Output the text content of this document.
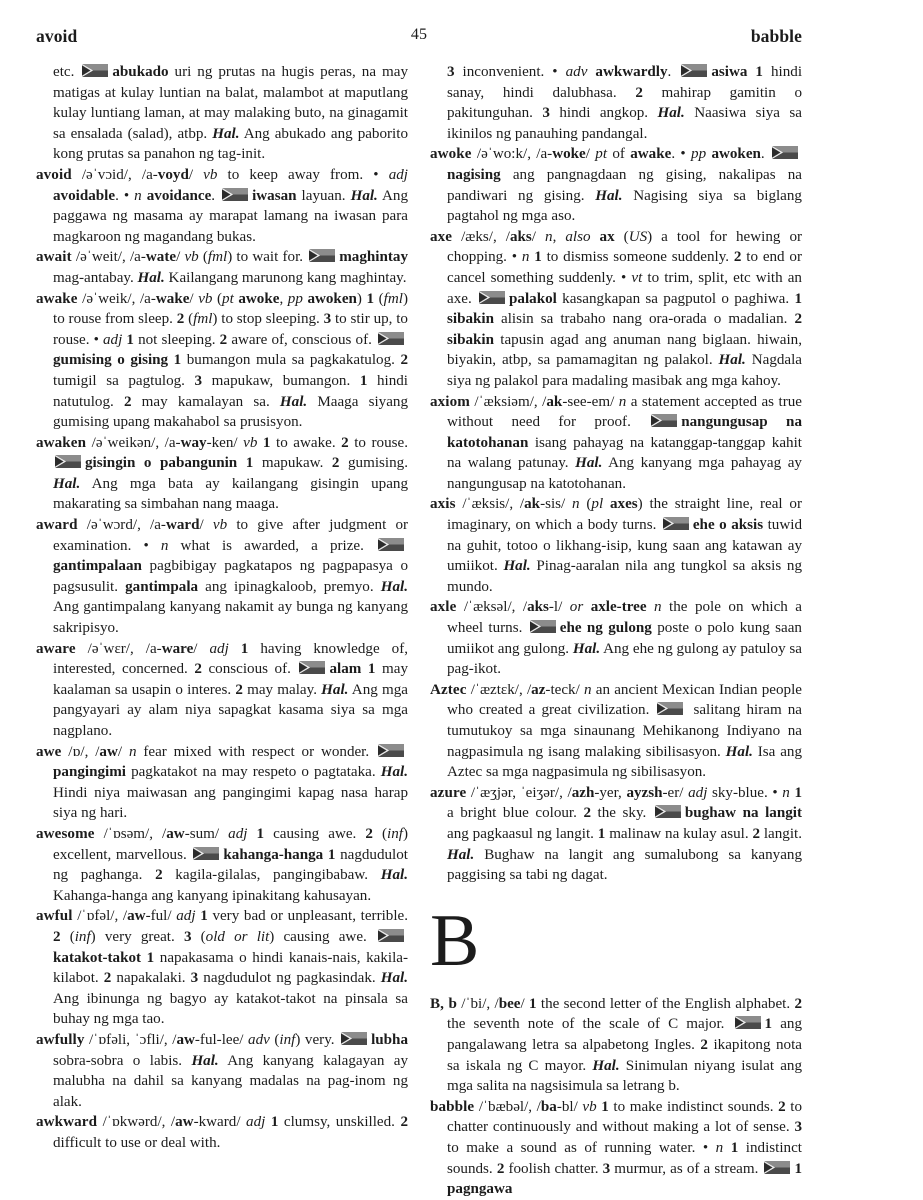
avoid	45	babble

etc.
abukado uri ng prutas na hugis peras, na may matigas at kulay luntian na balat, malambot at maputlang kulay luntiang laman, at may malaking buto, na ginagamit sa ensalada (salad), atbp. Hal. Ang abukado ang paborito kong prutas sa panahon ng tag-init.

avoid /əˈvɔid/, /a-voyd/ vb to keep away from. • adj avoidable. • n avoidance.
iwasan layuan. Hal. Ang paggawa ng masama ay marapat lamang na iwasan para magkaroon ng magandang bukas.

await /əˈweit/, /a-wate/ vb (fml) to wait for.
maghintay mag-antabay. Hal. Kailangang marunong kang maghintay.

awake /əˈweik/, /a-wake/ vb (pt awoke, pp awoken) 1 (fml) to rouse from sleep. 2 (fml) to stop sleeping. 3 to stir up, to rouse. • adj 1 not sleeping. 2 aware of, conscious of.
gumising o gising 1 bumangon mula sa pagkakatulog. 2 tumigil sa pagtulog. 3 mapukaw, bumangon. 1 hindi natutulog. 2 may kamalayan sa. Hal. Maaga siyang gumising upang makahabol sa prusisyon.

awaken /əˈweikən/, /a-way-ken/ vb 1 to awake. 2 to rouse.
gisingin o pabangunin 1 mapukaw. 2 gumising. Hal. Ang mga bata ay kailangang gisingin upang makarating sa simbahan nang maaga.

award /əˈwɔrd/, /a-ward/ vb to give after judgment or examination. • n what is awarded, a prize.
gantimpalaan pagbibigay pagkatapos ng pagpapasya o pagsusulit. gantimpala ang ipinagkaloob, premyo. Hal. Ang gantimpalang kanyang nakamit ay bunga ng kanyang sakripisyo.

aware /əˈwɛr/, /a-ware/ adj 1 having knowledge of, interested, concerned. 2 conscious of.
alam 1 may kaalaman sa usapin o interes. 2 may malay. Hal. Ang mga pangyayari ay alam niya sapagkat kasama siya sa mga nagplano.

awe /ɒ/, /aw/ n fear mixed with respect or wonder.
pangingimi pagkatakot na may respeto o pagtataka. Hal. Hindi niya maiwasan ang pangingimi kapag nasa harap siya ng hari.

awesome /ˈɒsəm/, /aw-sum/ adj 1 causing awe. 2 (inf) excellent, marvellous.
kahanga-hanga 1 nagdudulot ng paghanga. 2 kagila-gilalas, pangingibabaw. Hal. Kahanga-hanga ang kanyang ipinakitang kahusayan.

awful /ˈɒfəl/, /aw-ful/ adj 1 very bad or unpleasant, terrible. 2 (inf) very great. 3 (old or lit) causing awe.
katakot-takot 1 napakasama o hindi kanais-nais, kakila-kilabot. 2 napakalaki. 3 nagdudulot ng pagkasindak. Hal. Ang ibinunga ng bagyo ay katakot-takot na pinsala sa buhay ng mga tao.

awfully /ˈɒfəli, ˈɔfli/, /aw-ful-lee/ adv (inf) very.
lubha sobra-sobra o labis. Hal. Ang kanyang kalagayan ay malubha na dahil sa kanyang madalas na pag-inom ng alak.

awkward /ˈɒkwərd/, /aw-kward/ adj 1 clumsy, unskilled. 2 difficult to use or deal with.

3 inconvenient. • adv awkwardly.
asiwa 1 hindi sanay, hindi dalubhasa. 2 mahirap gamitin o pakitunguhan. 3 hindi angkop. Hal. Naasiwa siya sa ikinilos ng panauhing pandangal.

awoke /əˈwo:k/, /a-woke/ pt of awake. • pp awoken.
nagising ang pangnagdaan ng gising, nakalipas na pandiwari ng gising. Hal. Nagising siya sa biglang pagtahol ng mga aso.

axe /æks/, /aks/ n, also ax (US) a tool for hewing or chopping. • n 1 to dismiss someone suddenly. 2 to end or cancel something suddenly. • vt to trim, split, etc with an axe.
palakol kasangkapan sa pagputol o paghiwa. 1 sibakin alisin sa trabaho nang ora-orada o madalian. 2 sibakin tapusin agad ang anuman nang biglaan. hiwain, biyakin, atbp, sa pamamagitan ng palakol. Hal. Nagdala siya ng palakol para madaling masibak ang mga kahoy.

axiom /ˈæksiəm/, /ak-see-em/ n a statement accepted as true without need for proof.
nangungusap na katotohanan isang pahayag na katanggap-tanggap kahit na walang patunay. Hal. Ang kanyang mga pahayag ay nangungusap na katotohanan.

axis /ˈæksis/, /ak-sis/ n (pl axes) the straight line, real or imaginary, on which a body turns.
ehe o aksis tuwid na guhit, totoo o likhang-isip, kung saan ang katawan ay umiikot. Hal. Pinag-aaralan nila ang tungkol sa aksis ng mundo.

axle /ˈæksəl/, /aks-l/ or axle-tree n the pole on which a wheel turns.
ehe ng gulong poste o polo kung saan umiikot ang gulong. Hal. Ang ehe ng gulong ay patuloy sa pag-ikot.

Aztec /ˈæztɛk/, /az-teck/ n an ancient Mexican Indian people who created a great civilization.
salitang hiram na tumutukoy sa mga sinaunang Mehikanong Indiyano na nagpasimula ng isang malaking sibilisasyon. Hal. Isa ang Aztec sa mga nagpasimula ng sibilisasyon.

azure /ˈæʒjər, ˈeiʒər/, /azh-yer, ayzsh-er/ adj sky-blue. • n 1 a bright blue colour. 2 the sky.
bughaw na langit ang pagkaasul ng langit. 1 malinaw na kulay asul. 2 langit. Hal. Bughaw na langit ang sumalubong sa kanyang paggising sa tabi ng dagat.

B

B, b /ˈbi/, /bee/ 1 the second letter of the English alphabet. 2 the seventh note of the scale of C major.
1 ang pangalawang letra sa alpabetong Ingles. 2 ikapitong nota sa iskala ng C mayor. Hal. Sinimulan niyang isulat ang mga salita na nagsisimula sa letrang b.

babble /ˈbæbəl/, /ba-bl/ vb 1 to make indistinct sounds. 2 to chatter continuously and without making a lot of sense. 3 to make a sound as of running water. • n 1 indistinct sounds. 2 foolish chatter. 3 murmur, as of a stream.
1 pagngawa
